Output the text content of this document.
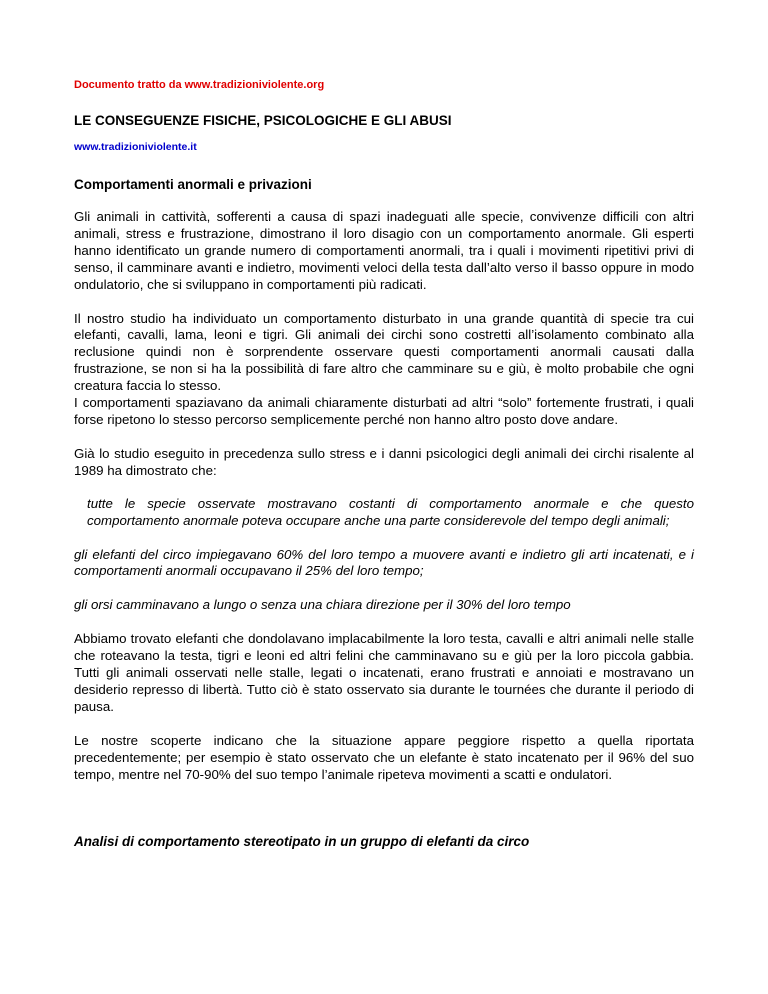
Documento tratto da www.tradizioniviolente.org

LE CONSEGUENZE FISICHE, PSICOLOGICHE E GLI ABUSI

www.tradizioniviolente.it

Comportamenti anormali e privazioni

Gli animali in cattività, sofferenti a causa di spazi inadeguati alle specie, convivenze difficili con altri animali, stress e frustrazione, dimostrano il loro disagio con un comportamento anormale. Gli esperti hanno identificato un grande numero di comportamenti anormali, tra i quali i movimenti ripetitivi privi di senso, il camminare avanti e indietro, movimenti veloci della testa dall’alto verso il basso oppure in modo ondulatorio, che si sviluppano in comportamenti più radicati.

Il nostro studio ha individuato un comportamento disturbato in una grande quantità di specie tra cui elefanti, cavalli, lama, leoni e tigri. Gli animali dei circhi sono costretti all’isolamento combinato alla reclusione quindi non è sorprendente osservare questi comportamenti anormali causati dalla frustrazione, se non si ha la possibilità di fare altro che camminare su e giù, è molto probabile che ogni creatura faccia lo stesso.

I comportamenti spaziavano da animali chiaramente disturbati ad altri “solo” fortemente frustrati, i quali forse ripetono lo stesso percorso semplicemente perché non hanno altro posto dove andare.

Già lo studio eseguito in precedenza sullo stress e i danni psicologici degli animali dei circhi risalente al 1989 ha dimostrato che:

tutte le specie osservate mostravano costanti di comportamento anormale e che questo comportamento anormale poteva occupare anche una parte considerevole del tempo degli animali;

gli elefanti del circo impiegavano 60% del loro tempo a muovere avanti e indietro gli arti incatenati, e i comportamenti anormali occupavano il 25% del loro tempo;

gli orsi camminavano a lungo o senza una chiara direzione per il 30% del loro tempo

Abbiamo trovato elefanti che dondolavano implacabilmente la loro testa, cavalli e altri animali nelle stalle che roteavano la testa, tigri e leoni ed altri felini che camminavano su e giù per la loro piccola gabbia. Tutti gli animali osservati nelle stalle, legati o incatenati, erano frustrati e annoiati e mostravano un desiderio represso di libertà. Tutto ciò è stato osservato sia durante le tournées che durante il periodo di pausa.

Le nostre scoperte indicano che la situazione appare peggiore rispetto a quella riportata precedentemente; per esempio è stato osservato che un elefante è stato incatenato per il 96% del suo tempo, mentre nel 70-90% del suo tempo l’animale ripeteva movimenti a scatti e ondulatori.

Analisi di comportamento stereotipato in un gruppo di elefanti da circo
